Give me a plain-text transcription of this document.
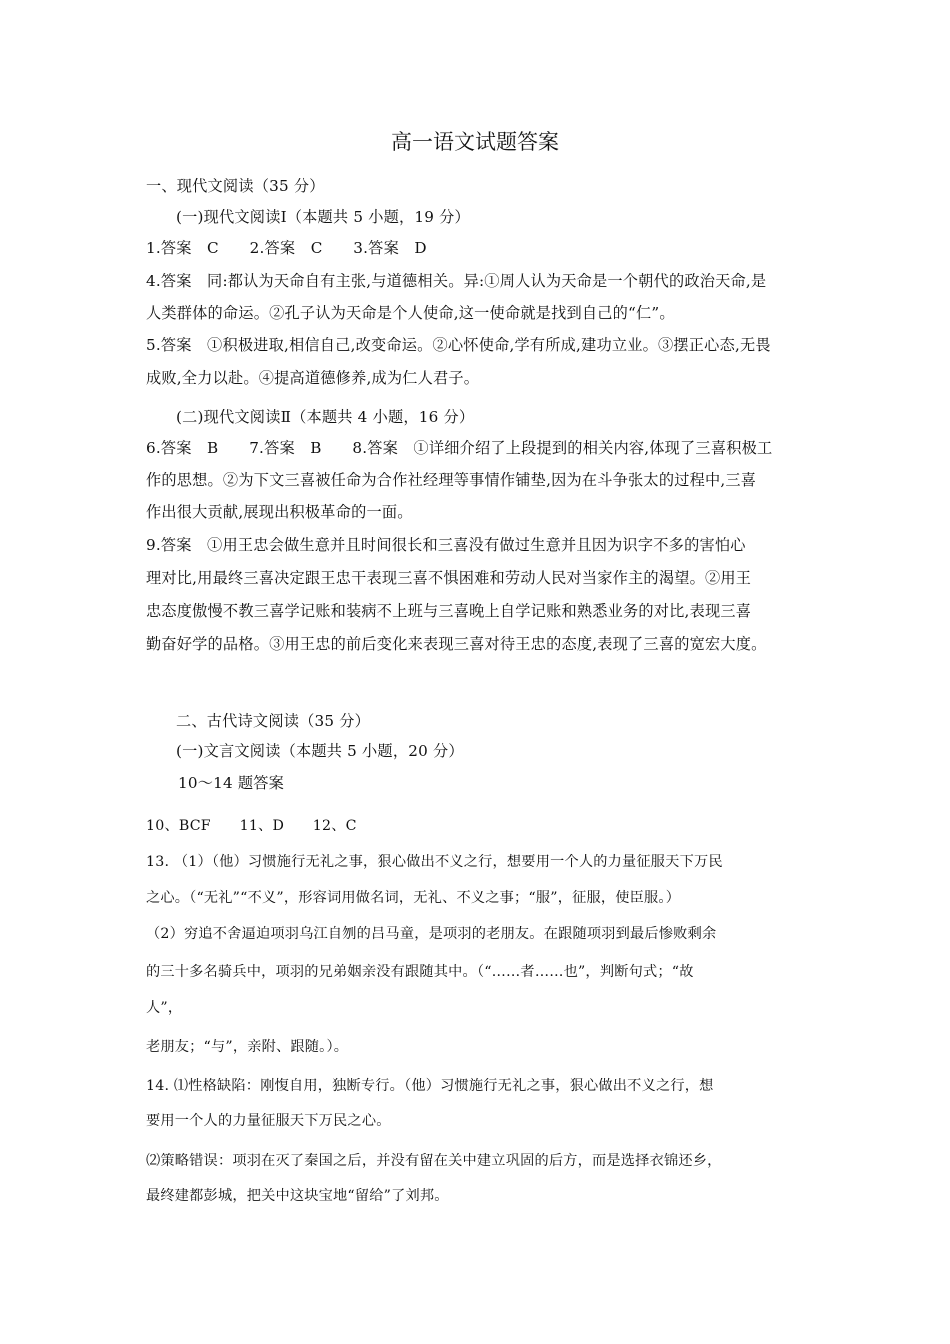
高一语文试题答案
一、现代文阅读（35 分）
(一)现代文阅读Ⅰ（本题共 5 小题，19 分）
1.答案　C　　2.答案　C　　3.答案　D
4.答案　同:都认为天命自有主张,与道德相关。异:①周人认为天命是一个朝代的政治天命,是
人类群体的命运。②孔子认为天命是个人使命,这一使命就是找到自己的“仁”。
5.答案　①积极进取,相信自己,改变命运。②心怀使命,学有所成,建功立业。③摆正心态,无畏
成败,全力以赴。④提高道德修养,成为仁人君子。
(二)现代文阅读Ⅱ（本题共 4 小题，16 分）
6.答案　B　　7.答案　B　　8.答案　①详细介绍了上段提到的相关内容,体现了三喜积极工
作的思想。②为下文三喜被任命为合作社经理等事情作铺垫,因为在斗争张太的过程中,三喜
作出很大贡献,展现出积极革命的一面。
9.答案　①用王忠会做生意并且时间很长和三喜没有做过生意并且因为识字不多的害怕心
理对比,用最终三喜决定跟王忠干表现三喜不惧困难和劳动人民对当家作主的渴望。②用王
忠态度傲慢不教三喜学记账和装病不上班与三喜晚上自学记账和熟悉业务的对比,表现三喜
勤奋好学的品格。③用王忠的前后变化来表现三喜对待王忠的态度,表现了三喜的宽宏大度。
二、古代诗文阅读（35 分）
(一)文言文阅读（本题共 5 小题，20 分）
10～14 题答案
10、BCF　　11、D　　12、C
13. （1）（他）习惯施行无礼之事，狠心做出不义之行，想要用一个人的力量征服天下万民
之心。（“无礼”“不义”，形容词用做名词，无礼、不义之事；“服”，征服，使臣服。）
（2）穷追不舍逼迫项羽乌江自刎的吕马童，是项羽的老朋友。在跟随项羽到最后惨败剩余
的三十多名骑兵中，项羽的兄弟姻亲没有跟随其中。（“……者……也”，判断句式；“故
人”，
老朋友；“与”，亲附、跟随。）。
14. ⑴性格缺陷：刚愎自用，独断专行。（他）习惯施行无礼之事，狠心做出不义之行，想
要用一个人的力量征服天下万民之心。
⑵策略错误：项羽在灭了秦国之后，并没有留在关中建立巩固的后方，而是选择衣锦还乡，
最终建都彭城，把关中这块宝地“留给”了刘邦。
